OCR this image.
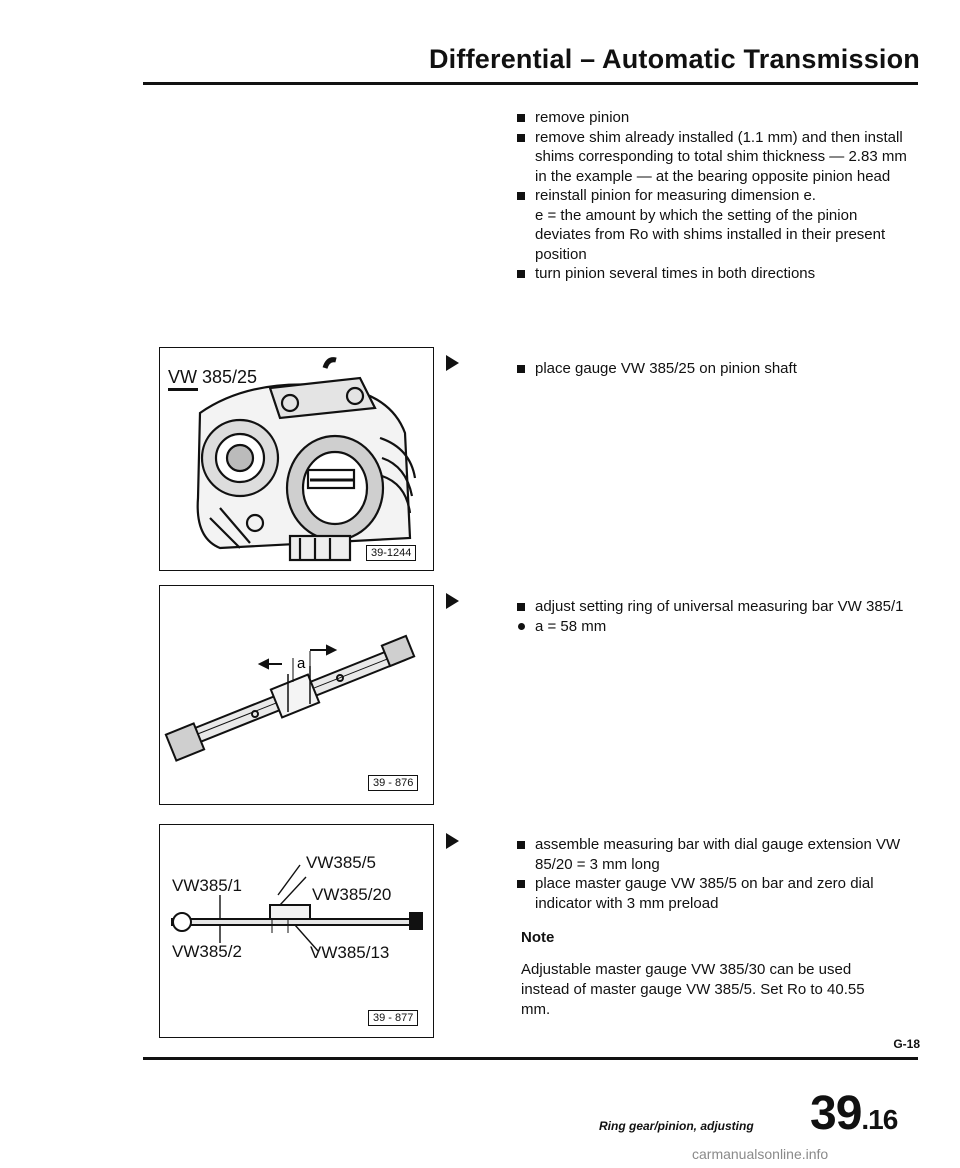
Differential – Automatic Transmission
remove pinion
remove shim already installed (1.1 mm) and then install shims corresponding to total shim thickness — 2.83 mm in the example — at the bearing opposite pinion head
reinstall pinion for measuring dimension e.
e = the amount by which the setting of the pinion deviates from Ro with shims installed in their present position
turn pinion several times in both directions
VW 385/25
39-1244
place gauge VW 385/25 on pinion shaft
a
39 - 876
adjust setting ring of universal measuring bar VW 385/1
a = 58 mm
VW385/1
VW385/5
VW385/20
VW385/2	VW385/13
39 - 877
assemble measuring bar with dial gauge extension VW 85/20 = 3 mm long
place master gauge VW 385/5 on bar and zero dial indicator with 3 mm preload
Note
Adjustable master gauge VW 385/30 can be used instead of master gauge VW 385/5. Set Ro to 40.55 mm.
G-18
Ring gear/pinion, adjusting 39.16
carmanualsonline.info
